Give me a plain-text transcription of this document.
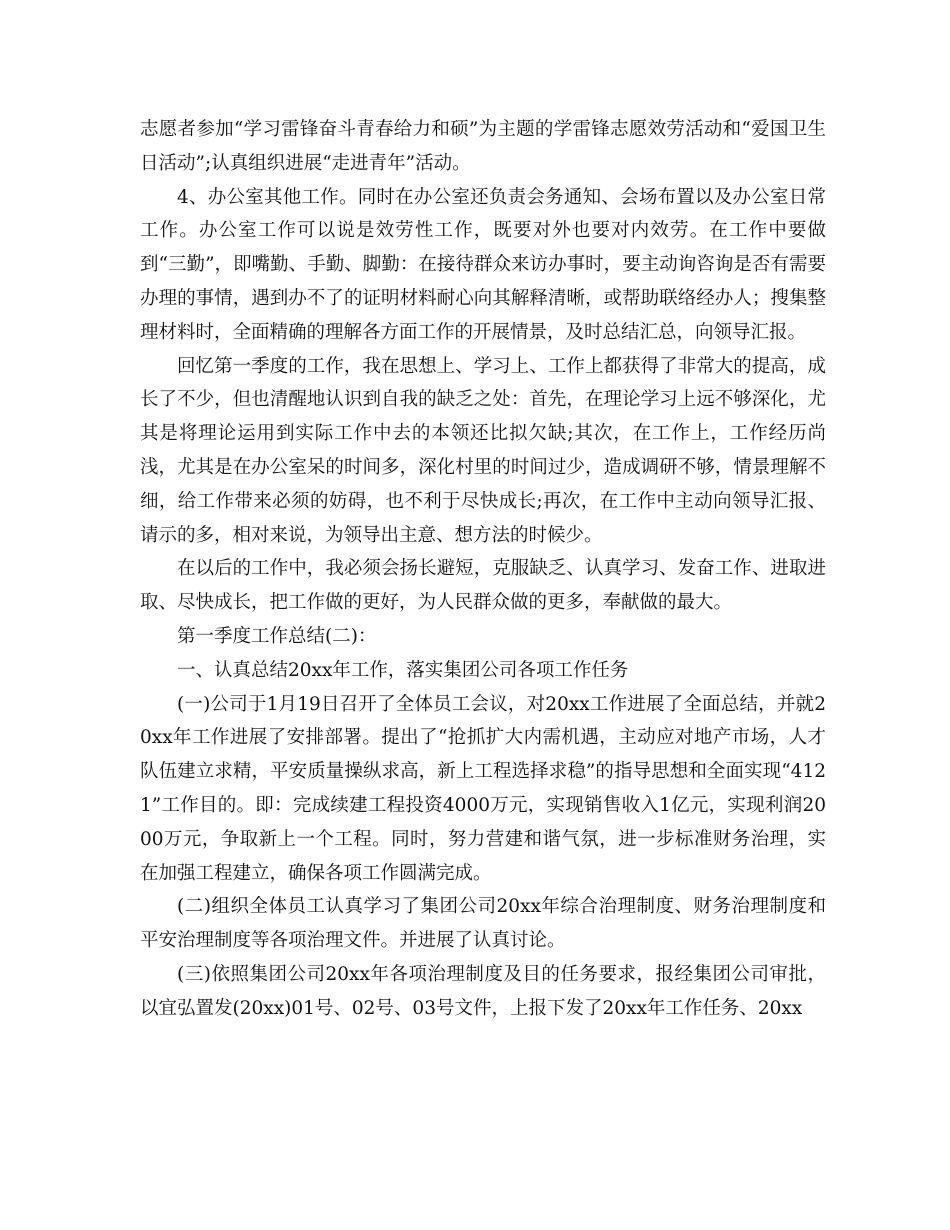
志愿者参加“学习雷锋奋斗青春给力和硕”为主题的学雷锋志愿效劳活动和“爱国卫生日活动”;认真组织进展“走进青年”活动。

4、办公室其他工作。同时在办公室还负责会务通知、会场布置以及办公室日常工作。办公室工作可以说是效劳性工作，既要对外也要对内效劳。在工作中要做到“三勤”，即嘴勤、手勤、脚勤：在接待群众来访办事时，要主动询咨询是否有需要办理的事情，遇到办不了的证明材料耐心向其解释清晰，或帮助联络经办人；搜集整理材料时，全面精确的理解各方面工作的开展情景，及时总结汇总，向领导汇报。

回忆第一季度的工作，我在思想上、学习上、工作上都获得了非常大的提高，成长了不少，但也清醒地认识到自我的缺乏之处：首先，在理论学习上远不够深化，尤其是将理论运用到实际工作中去的本领还比拟欠缺;其次，在工作上，工作经历尚浅，尤其是在办公室呆的时间多，深化村里的时间过少，造成调研不够，情景理解不细，给工作带来必须的妨碍，也不利于尽快成长;再次，在工作中主动向领导汇报、请示的多，相对来说，为领导出主意、想方法的时候少。

在以后的工作中，我必须会扬长避短，克服缺乏、认真学习、发奋工作、进取进取、尽快成长，把工作做的更好，为人民群众做的更多，奉献做的最大。

第一季度工作总结(二)：

一、认真总结20xx年工作，落实集团公司各项工作任务

(一)公司于1月19日召开了全体员工会议，对20xx工作进展了全面总结，并就20xx年工作进展了安排部署。提出了“抢抓扩大内需机遇，主动应对地产市场，人才队伍建立求精，平安质量操纵求高，新上工程选择求稳”的指导思想和全面实现“4121”工作目的。即：完成续建工程投资4000万元，实现销售收入1亿元，实现利润2000万元，争取新上一个工程。同时，努力营建和谐气氛，进一步标准财务治理，实在加强工程建立，确保各项工作圆满完成。

(二)组织全体员工认真学习了集团公司20xx年综合治理制度、财务治理制度和平安治理制度等各项治理文件。并进展了认真讨论。

(三)依照集团公司20xx年各项治理制度及目的任务要求，报经集团公司审批，以宜弘置发(20xx)01号、02号、03号文件，上报下发了20xx年工作任务、20xx
